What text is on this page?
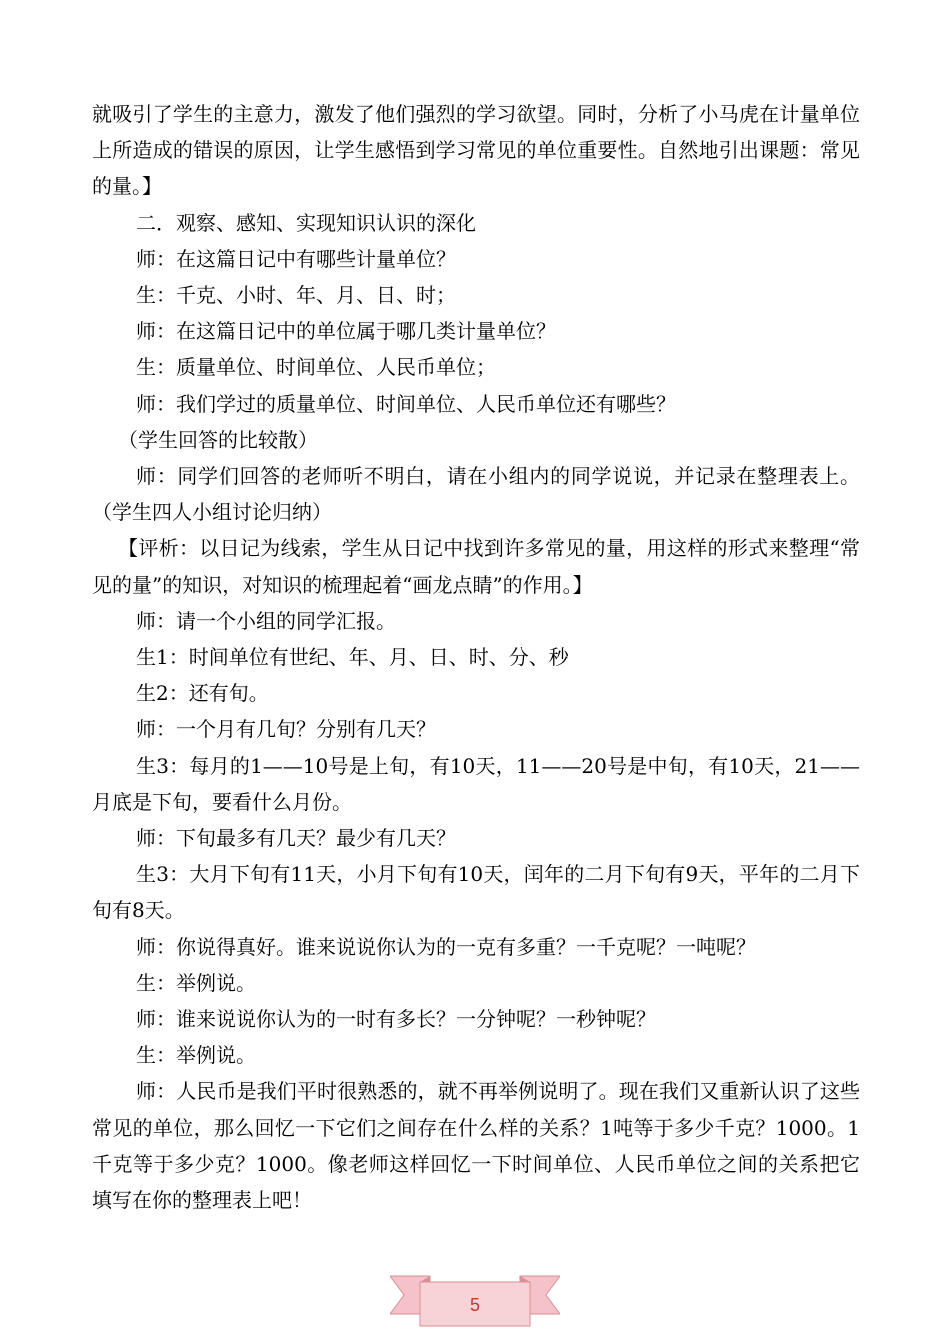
就吸引了学生的主意力，激发了他们强烈的学习欲望。同时，分析了小马虎在计量单位上所造成的错误的原因，让学生感悟到学习常见的单位重要性。自然地引出课题：常见的量。】

二．观察、感知、实现知识认识的深化

师：在这篇日记中有哪些计量单位？

生：千克、小时、年、月、日、时；

师：在这篇日记中的单位属于哪几类计量单位？

生：质量单位、时间单位、人民币单位；

师：我们学过的质量单位、时间单位、人民币单位还有哪些？

（学生回答的比较散）

师：同学们回答的老师听不明白，请在小组内的同学说说，并记录在整理表上。（学生四人小组讨论归纳）

【评析：以日记为线索，学生从日记中找到许多常见的量，用这样的形式来整理“常见的量”的知识，对知识的梳理起着“画龙点睛”的作用。】

师：请一个小组的同学汇报。

生1：时间单位有世纪、年、月、日、时、分、秒

生2：还有旬。

师：一个月有几旬？分别有几天？

生3：每月的1——10号是上旬，有10天，11——20号是中旬，有10天，21——月底是下旬，要看什么月份。

师：下旬最多有几天？最少有几天？

生3：大月下旬有11天，小月下旬有10天，闰年的二月下旬有9天，平年的二月下旬有8天。

师：你说得真好。谁来说说你认为的一克有多重？一千克呢？一吨呢？

生：举例说。

师：谁来说说你认为的一时有多长？一分钟呢？一秒钟呢？

生：举例说。

师：人民币是我们平时很熟悉的，就不再举例说明了。现在我们又重新认识了这些常见的单位，那么回忆一下它们之间存在什么样的关系？1吨等于多少千克？1000。1千克等于多少克？1000。像老师这样回忆一下时间单位、人民币单位之间的关系把它填写在你的整理表上吧！

5
